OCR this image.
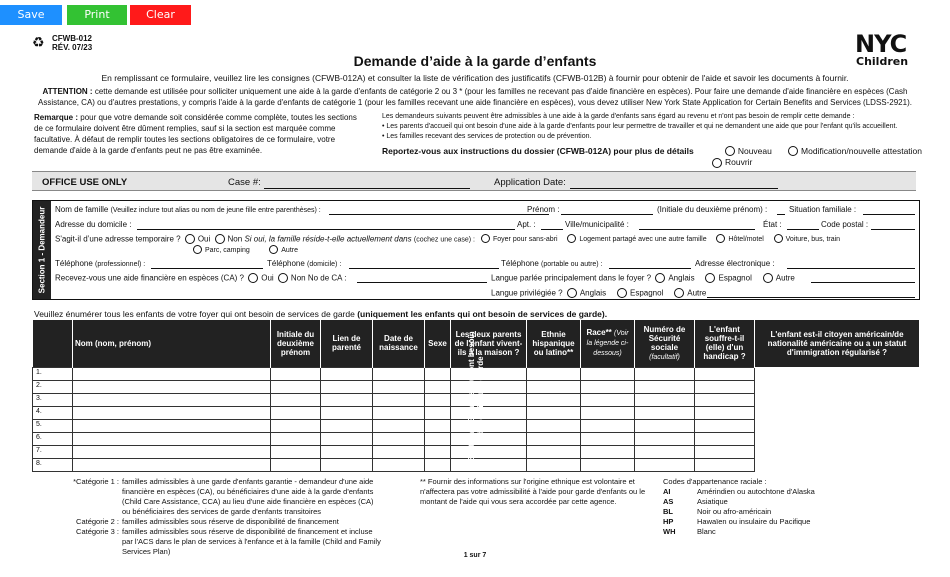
Save	Print	Clear
♻ CFWB-012
RÉV. 07/23
Demande d’aide à la garde d’enfants
NYC
Children
En remplissant ce formulaire, veuillez lire les consignes (CFWB-012A) et consulter la liste de vérification des justificatifs (CFWB-012B) à fournir pour obtenir de l'aide et savoir les documents à fournir.
ATTENTION : cette demande est utilisée pour solliciter uniquement une aide à la garde d'enfants de catégorie 2 ou 3 * (pour les familles ne recevant pas d'aide financière en espèces). Pour faire une demande d'aide financière en espèces (Cash Assistance, CA) ou d'autres prestations, y compris l'aide à la garde d'enfants de catégorie 1 (pour les familles recevant une aide financière en espèces), vous devez utiliser New York State Application for Certain Benefits and Services (LDSS-2921).
Remarque : pour que votre demande soit considérée comme complète, toutes les sections de ce formulaire doivent être dûment remplies, sauf si la section est marquée comme facultative. À défaut de remplir toutes les sections obligatoires de ce formulaire, votre demande d'aide à la garde d'enfants peut ne pas être examinée.
Les demandeurs suivants peuvent être admissibles à une aide à la garde d'enfants sans égard au revenu et n'ont pas besoin de remplir cette demande :
• Les parents d'accueil qui ont besoin d'une aide à la garde d'enfants pour leur permettre de travailler et qui ne demandent une aide que pour l'enfant qu'ils accueillent.
• Les familles recevant des services de protection ou de prévention.
Reportez-vous aux instructions du dossier (CFWB-012A) pour plus de détails	Nouveau	Modification/nouvelle attestation
Rouvrir
OFFICE USE ONLY	Case #:	Application Date:
Section 1 - Demandeur Nom de famille (Veuillez inclure tout alias ou nom de jeune fille entre parenthèses) :	Prénom :	(Initiale du deuxième prénom) :	Situation familiale :
Adresse du domicile :	Apt. :	Ville/municipalité :	État :	Code postal :
S'agit-il d’une adresse temporaire ? Oui Non Si oui, la famille réside-t-elle actuellement dans (cochez une case) :	Foyer pour sans-abri	Logement partagé avec une autre famille	Hôtel/motel	Voiture, bus, train
Parc, camping	Autre
Téléphone (professionnel) :	Téléphone (domicile) :	Téléphone (portable ou autre) :	Adresse électronique :
Recevez-vous une aide financière en espèces (CA) ? Oui Non No de CA :	Langue parlée principalement dans le foyer ? Anglais	Espagnol	Autre
Langue privilégiée ? Anglais	Espagnol	Autre
Veuillez énumérer tous les enfants de votre foyer qui ont besoin de services de garde (uniquement les enfants qui ont besoin de services de garde).
Section 2 Enfant(s) qui ont besoin de services de garde	Nom (nom, prénom)	Initiale du deuxième prénom	Lien de parenté	Date de naissance	Sexe	Les deux parents de l'enfant vivent-ils à la maison ?	Ethnie hispanique ou latino**	Race** (Voir la légende ci-dessous)	Numéro de Sécurité sociale
(facultatif)	L'enfant souffre-t-il (elle) d'un handicap ?	L'enfant est-il citoyen américain/de nationalité américaine ou a un statut d'immigration régularisé ?
1.											
2.											
3.											
4.											
5.											
6.											
7.											
8.											
*Catégorie 1 : familles admissibles à une garde d'enfants garantie - demandeur d'une aide financière en espèces (CA), ou bénéficiaires d'une aide à la garde d'enfants (Child Care Assistance, CCA) au lieu d'une aide financière en espèces (CA) ou bénéficiaires des services de garde d'enfants transitoires
Catégorie 2 : familles admissibles sous réserve de disponibilité de financement
Catégorie 3 : familles admissibles sous réserve de disponibilité de financement et incluse par l'ACS dans le plan de services à l'enfance et à la famille (Child and Family Services Plan)
** Fournir des informations sur l'origine ethnique est volontaire et n'affectera pas votre admissibilité à l'aide pour garde d'enfants ou le montant de l'aide qui vous sera accordée par cette agence.
Codes d'appartenance raciale :
AI	Amérindien ou autochtone d'Alaska
AS	Asiatique
BL	Noir ou afro-américain
HP	Hawaïen ou insulaire du Pacifique
WH	Blanc
1 sur 7
